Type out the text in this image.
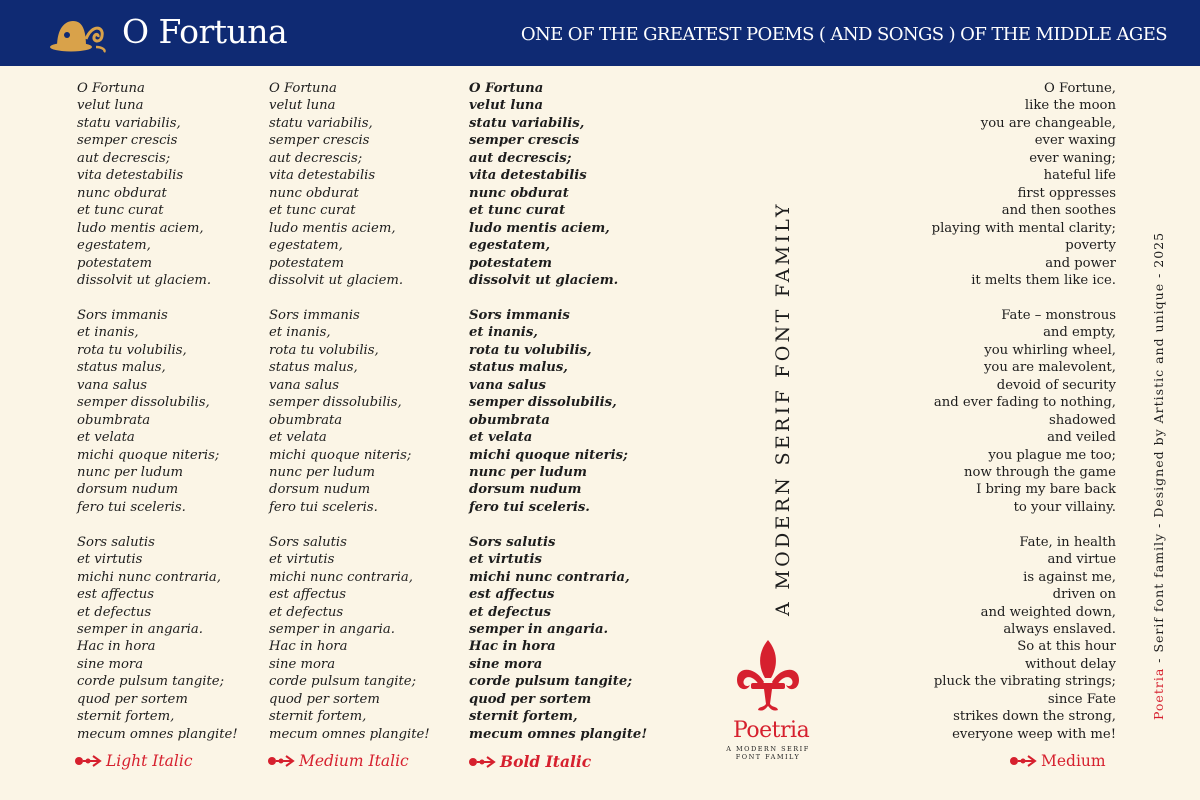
O Fortuna	ONE OF THE GREATEST POEMS ( AND SONGS ) OF THE MIDDLE AGES
O Fortuna
velut luna
statu variabilis,
semper crescis
aut decrescis;
vita detestabilis
nunc obdurat
et tunc curat
ludo mentis aciem,
egestatem,
potestatem
dissolvit ut glaciem.
Sors immanis
et inanis,
rota tu volubilis,
status malus,
vana salus
semper dissolubilis,
obumbrata
et velata
michi quoque niteris;
nunc per ludum
dorsum nudum
fero tui sceleris.
Sors salutis
et virtutis
michi nunc contraria,
est affectus
et defectus
semper in angaria.
Hac in hora
sine mora
corde pulsum tangite;
quod per sortem
sternit fortem,
mecum omnes plangite!
O Fortuna
velut luna
statu variabilis,
semper crescis
aut decrescis;
vita detestabilis
nunc obdurat
et tunc curat
ludo mentis aciem,
egestatem,
potestatem
dissolvit ut glaciem.
Sors immanis
et inanis,
rota tu volubilis,
status malus,
vana salus
semper dissolubilis,
obumbrata
et velata
michi quoque niteris;
nunc per ludum
dorsum nudum
fero tui sceleris.
Sors salutis
et virtutis
michi nunc contraria,
est affectus
et defectus
semper in angaria.
Hac in hora
sine mora
corde pulsum tangite;
quod per sortem
sternit fortem,
mecum omnes plangite!
O Fortuna
velut luna
statu variabilis,
semper crescis
aut decrescis;
vita detestabilis
nunc obdurat
et tunc curat
ludo mentis aciem,
egestatem,
potestatem
dissolvit ut glaciem.
Sors immanis
et inanis,
rota tu volubilis,
status malus,
vana salus
semper dissolubilis,
obumbrata
et velata
michi quoque niteris;
nunc per ludum
dorsum nudum
fero tui sceleris.
Sors salutis
et virtutis
michi nunc contraria,
est affectus
et defectus
semper in angaria.
Hac in hora
sine mora
corde pulsum tangite;
quod per sortem
sternit fortem,
mecum omnes plangite!
Light Italic	Medium Italic	Bold Italic
A MODERN SERIF FONT FAMILY
Poetria
A MODERN SERIF
FONT FAMILY
O Fortune,
like the moon
you are changeable,
ever waxing
ever waning;
hateful life
first oppresses
and then soothes
playing with mental clarity;
poverty
and power
it melts them like ice.
Fate – monstrous
and empty,
you whirling wheel,
you are malevolent,
devoid of security
and ever fading to nothing,
shadowed
and veiled
you plague me too;
now through the game
I bring my bare back
to your villainy.
Fate, in health
and virtue
is against me,
driven on
and weighted down,
always enslaved.
So at this hour
without delay
pluck the vibrating strings;
since Fate
strikes down the strong,
everyone weep with me!
Medium
Poetria - Serif font family - Designed by Artistic and unique - 2025
